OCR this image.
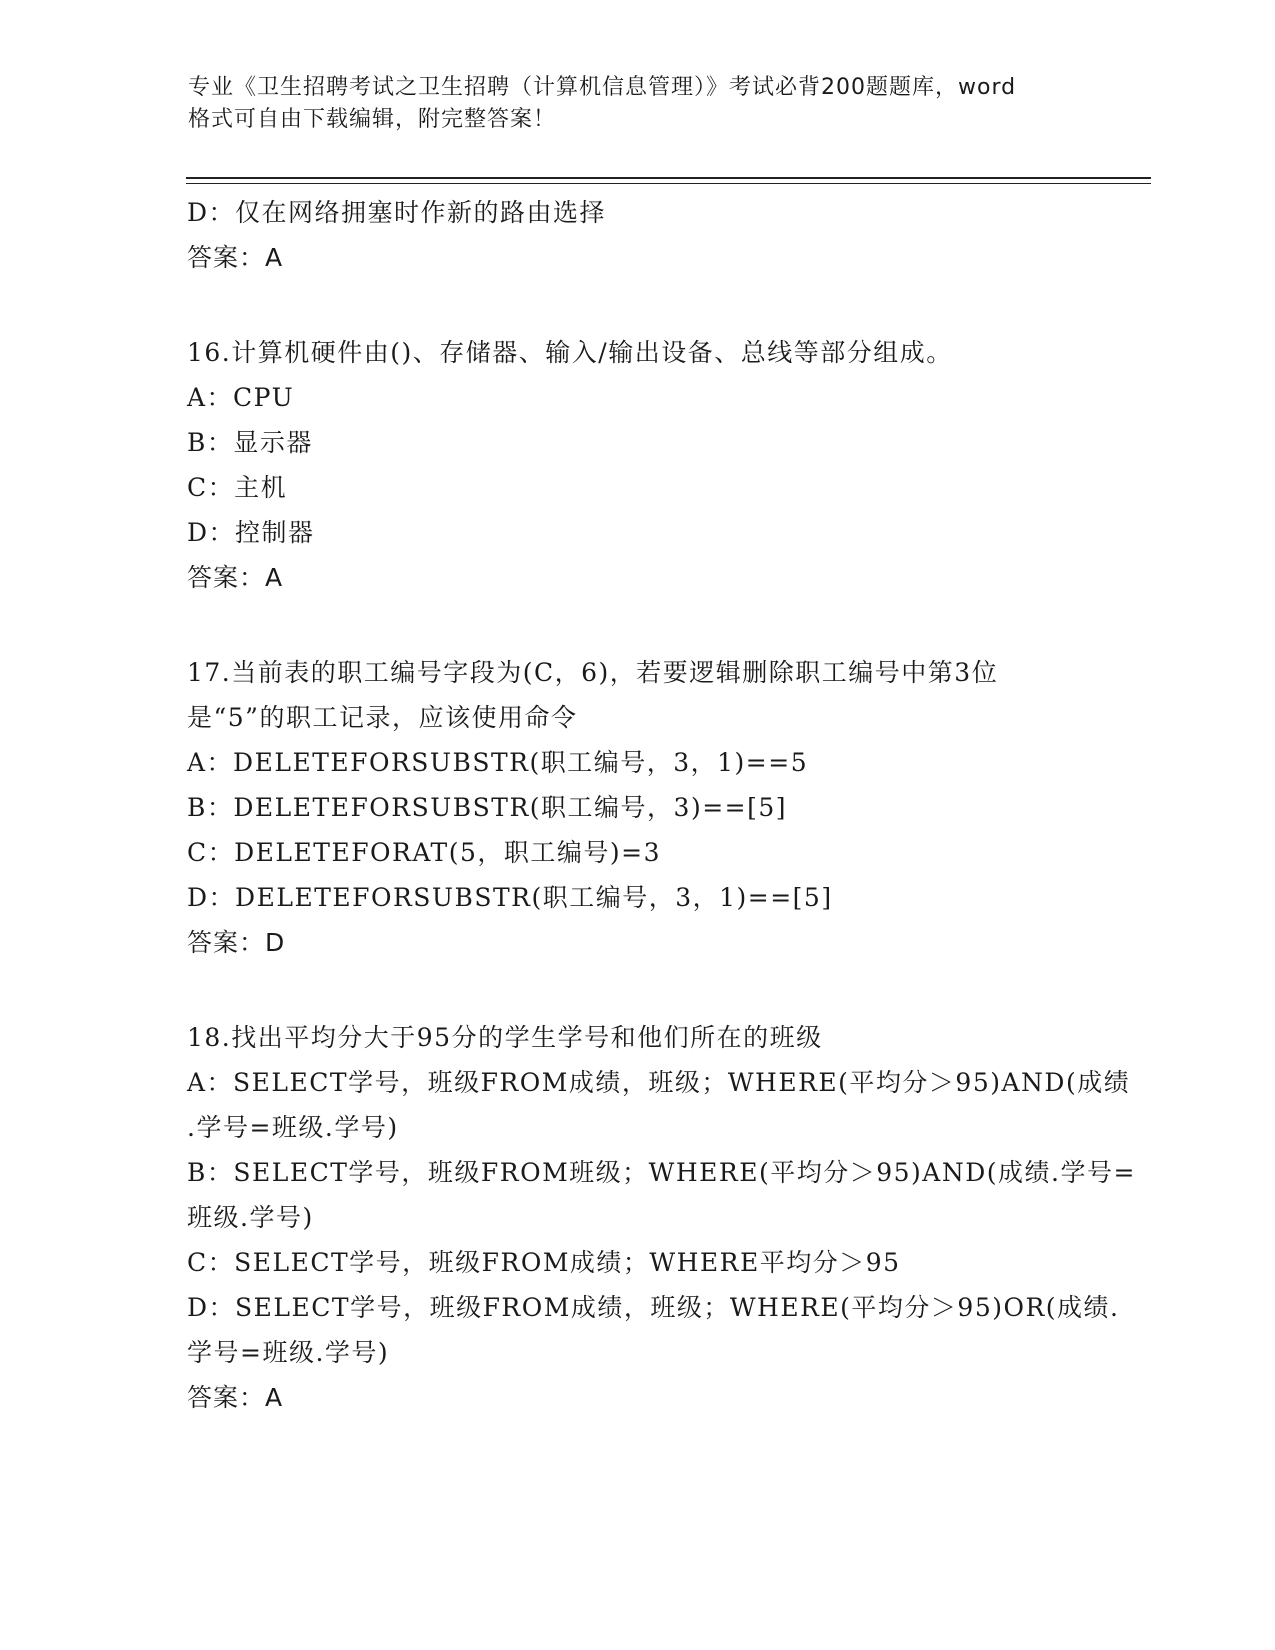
专业《卫生招聘考试之卫生招聘（计算机信息管理）》考试必背200题题库，word
格式可自由下载编辑，附完整答案！
D：仅在网络拥塞时作新的路由选择
答案：A
16.计算机硬件由()、存储器、输入/输出设备、总线等部分组成。
A：CPU
B：显示器
C：主机
D：控制器
答案：A
17.当前表的职工编号字段为(C，6)，若要逻辑删除职工编号中第3位
是“5”的职工记录，应该使用命令
A：DELETEFORSUBSTR(职工编号，3，1)==5
B：DELETEFORSUBSTR(职工编号，3)==[5]
C：DELETEFORAT(5，职工编号)=3
D：DELETEFORSUBSTR(职工编号，3，1)==[5]
答案：D
18.找出平均分大于95分的学生学号和他们所在的班级
A：SELECT学号，班级FROM成绩，班级；WHERE(平均分＞95)AND(成绩
.学号=班级.学号)
B：SELECT学号，班级FROM班级；WHERE(平均分＞95)AND(成绩.学号=
班级.学号)
C：SELECT学号，班级FROM成绩；WHERE平均分＞95
D：SELECT学号，班级FROM成绩，班级；WHERE(平均分＞95)OR(成绩.
学号=班级.学号)
答案：A
